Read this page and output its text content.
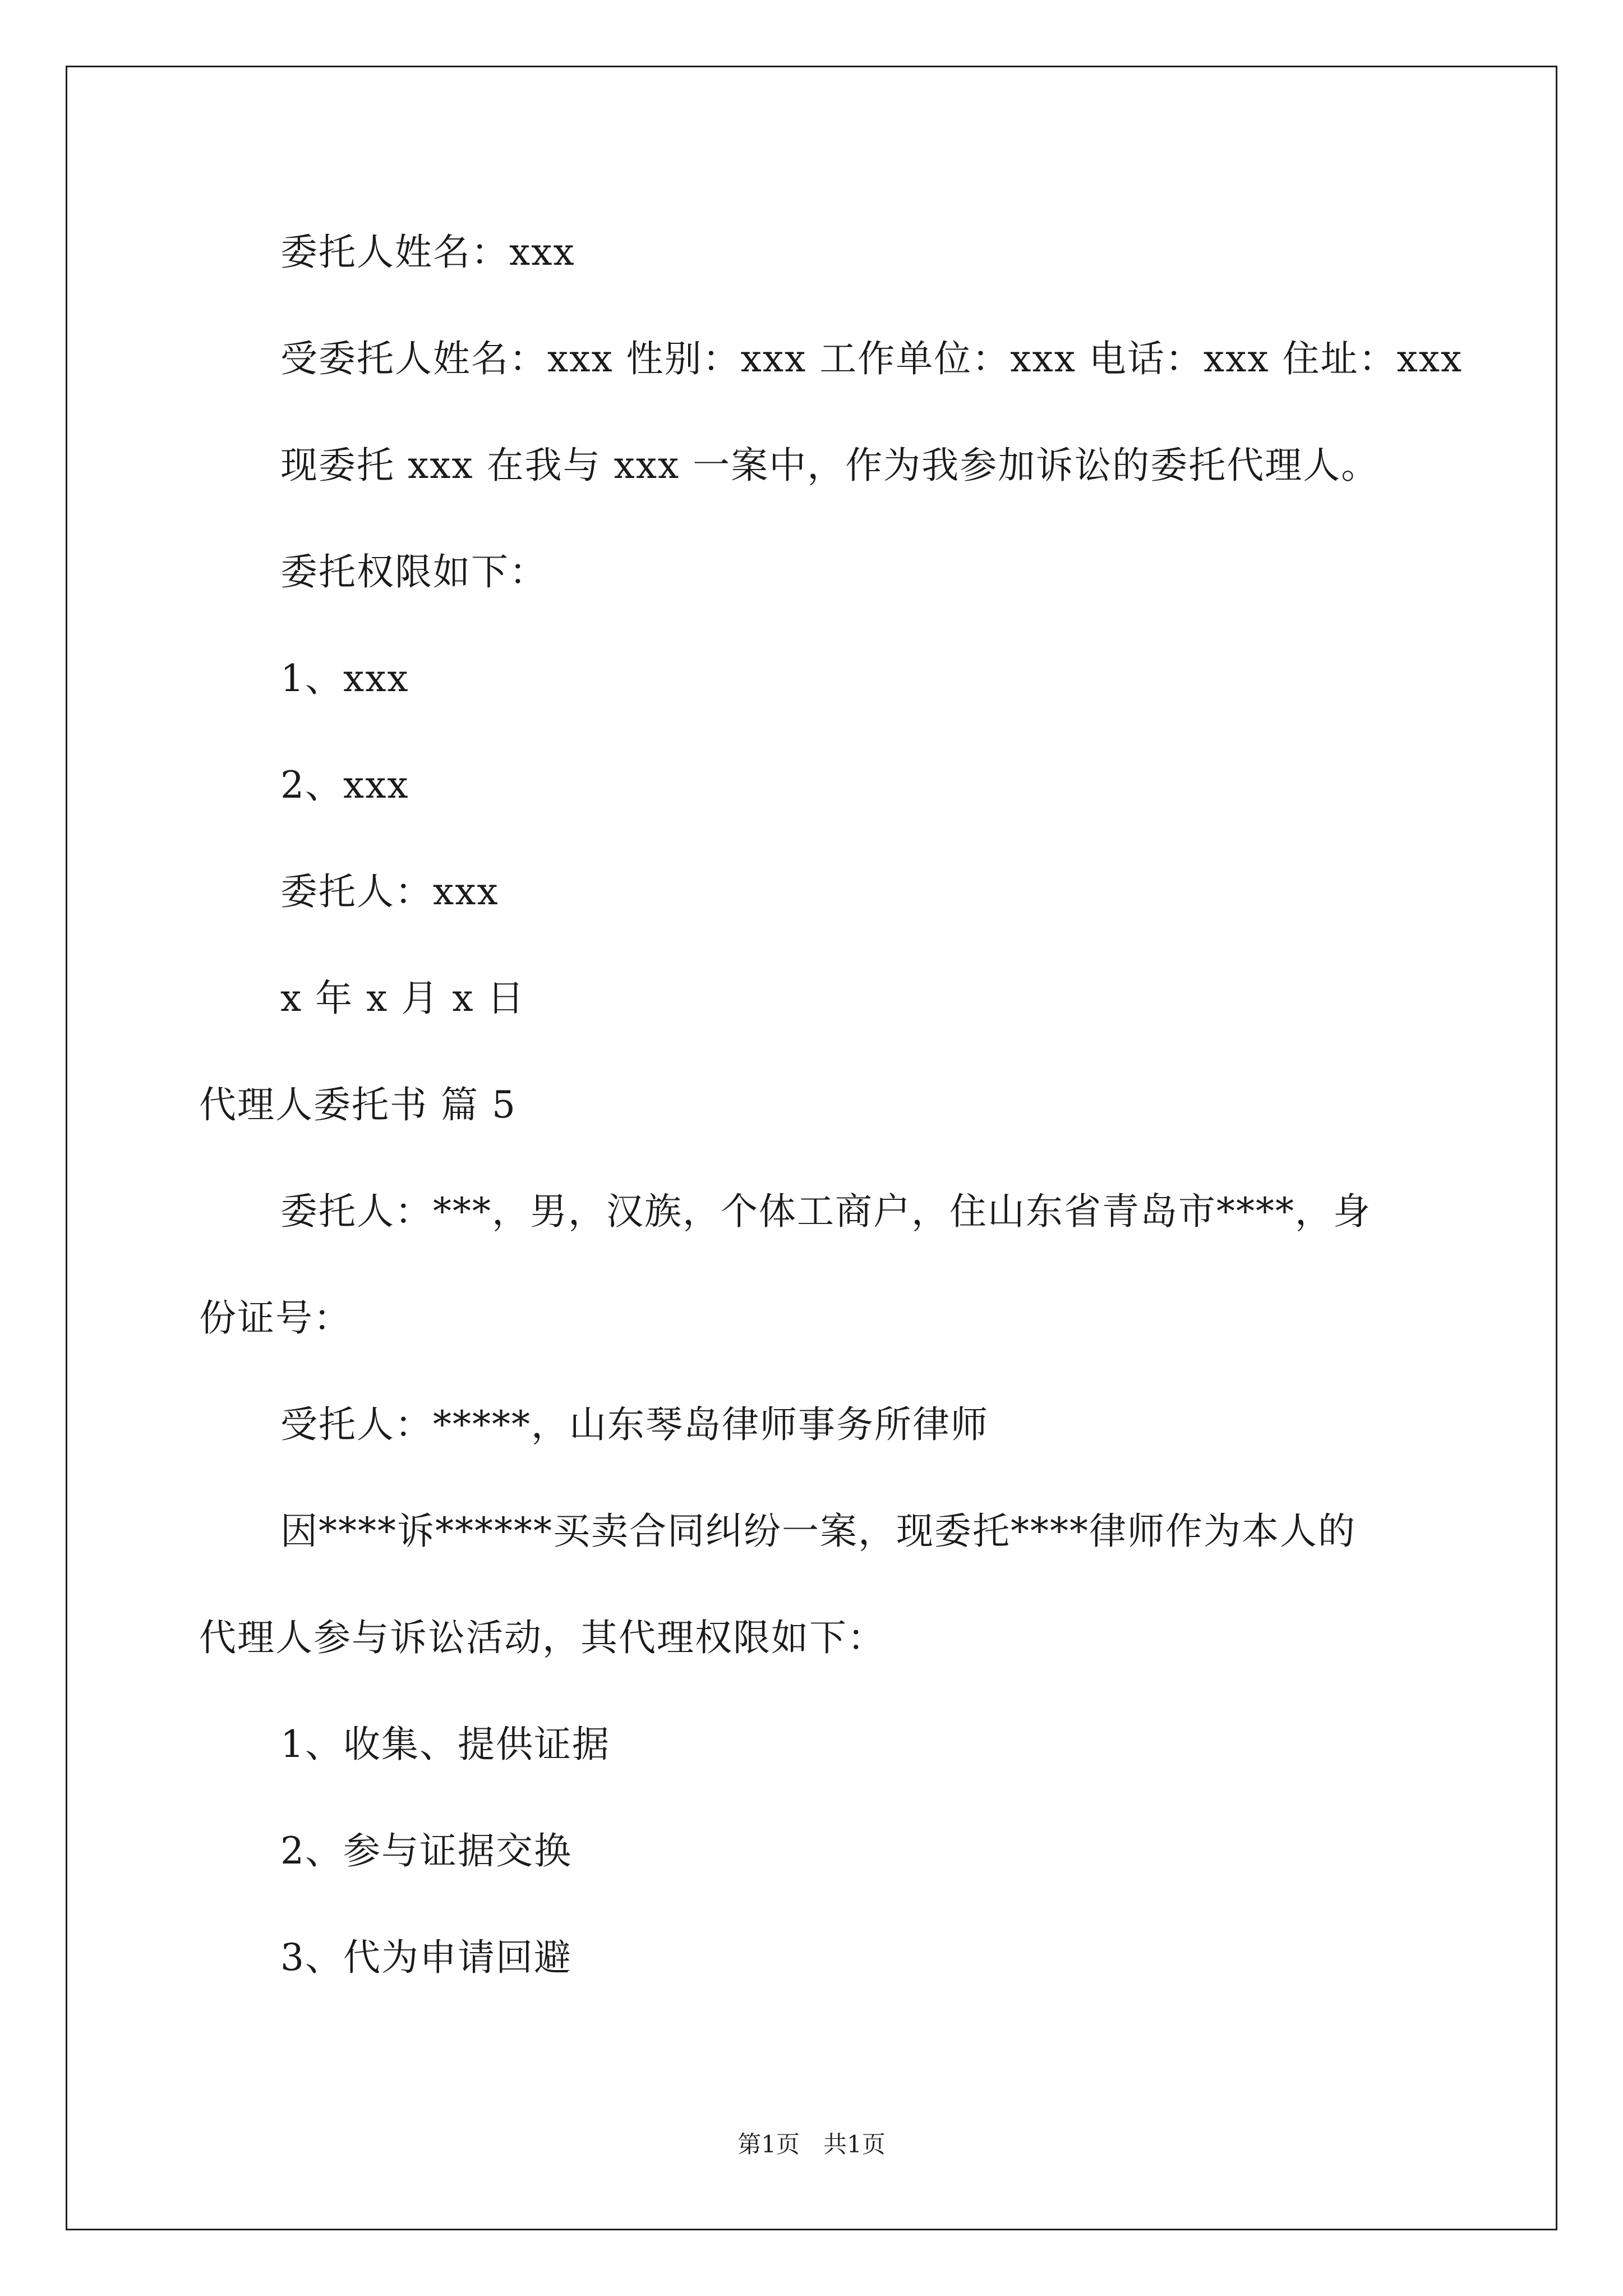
委托人姓名：xxx
受委托人姓名：xxx 性别：xxx 工作单位：xxx 电话：xxx 住址：xxx
现委托 xxx 在我与 xxx 一案中，作为我参加诉讼的委托代理人。
委托权限如下：
1、xxx
2、xxx
委托人：xxx
x 年 x 月 x 日
代理人委托书 篇 5
委托人：***，男，汉族，个体工商户，住山东省青岛市****，身
份证号：
受托人：*****，山东琴岛律师事务所律师
因****诉******买卖合同纠纷一案，现委托****律师作为本人的
代理人参与诉讼活动，其代理权限如下：
1、收集、提供证据
2、参与证据交换
3、代为申请回避
第1页　共1页
